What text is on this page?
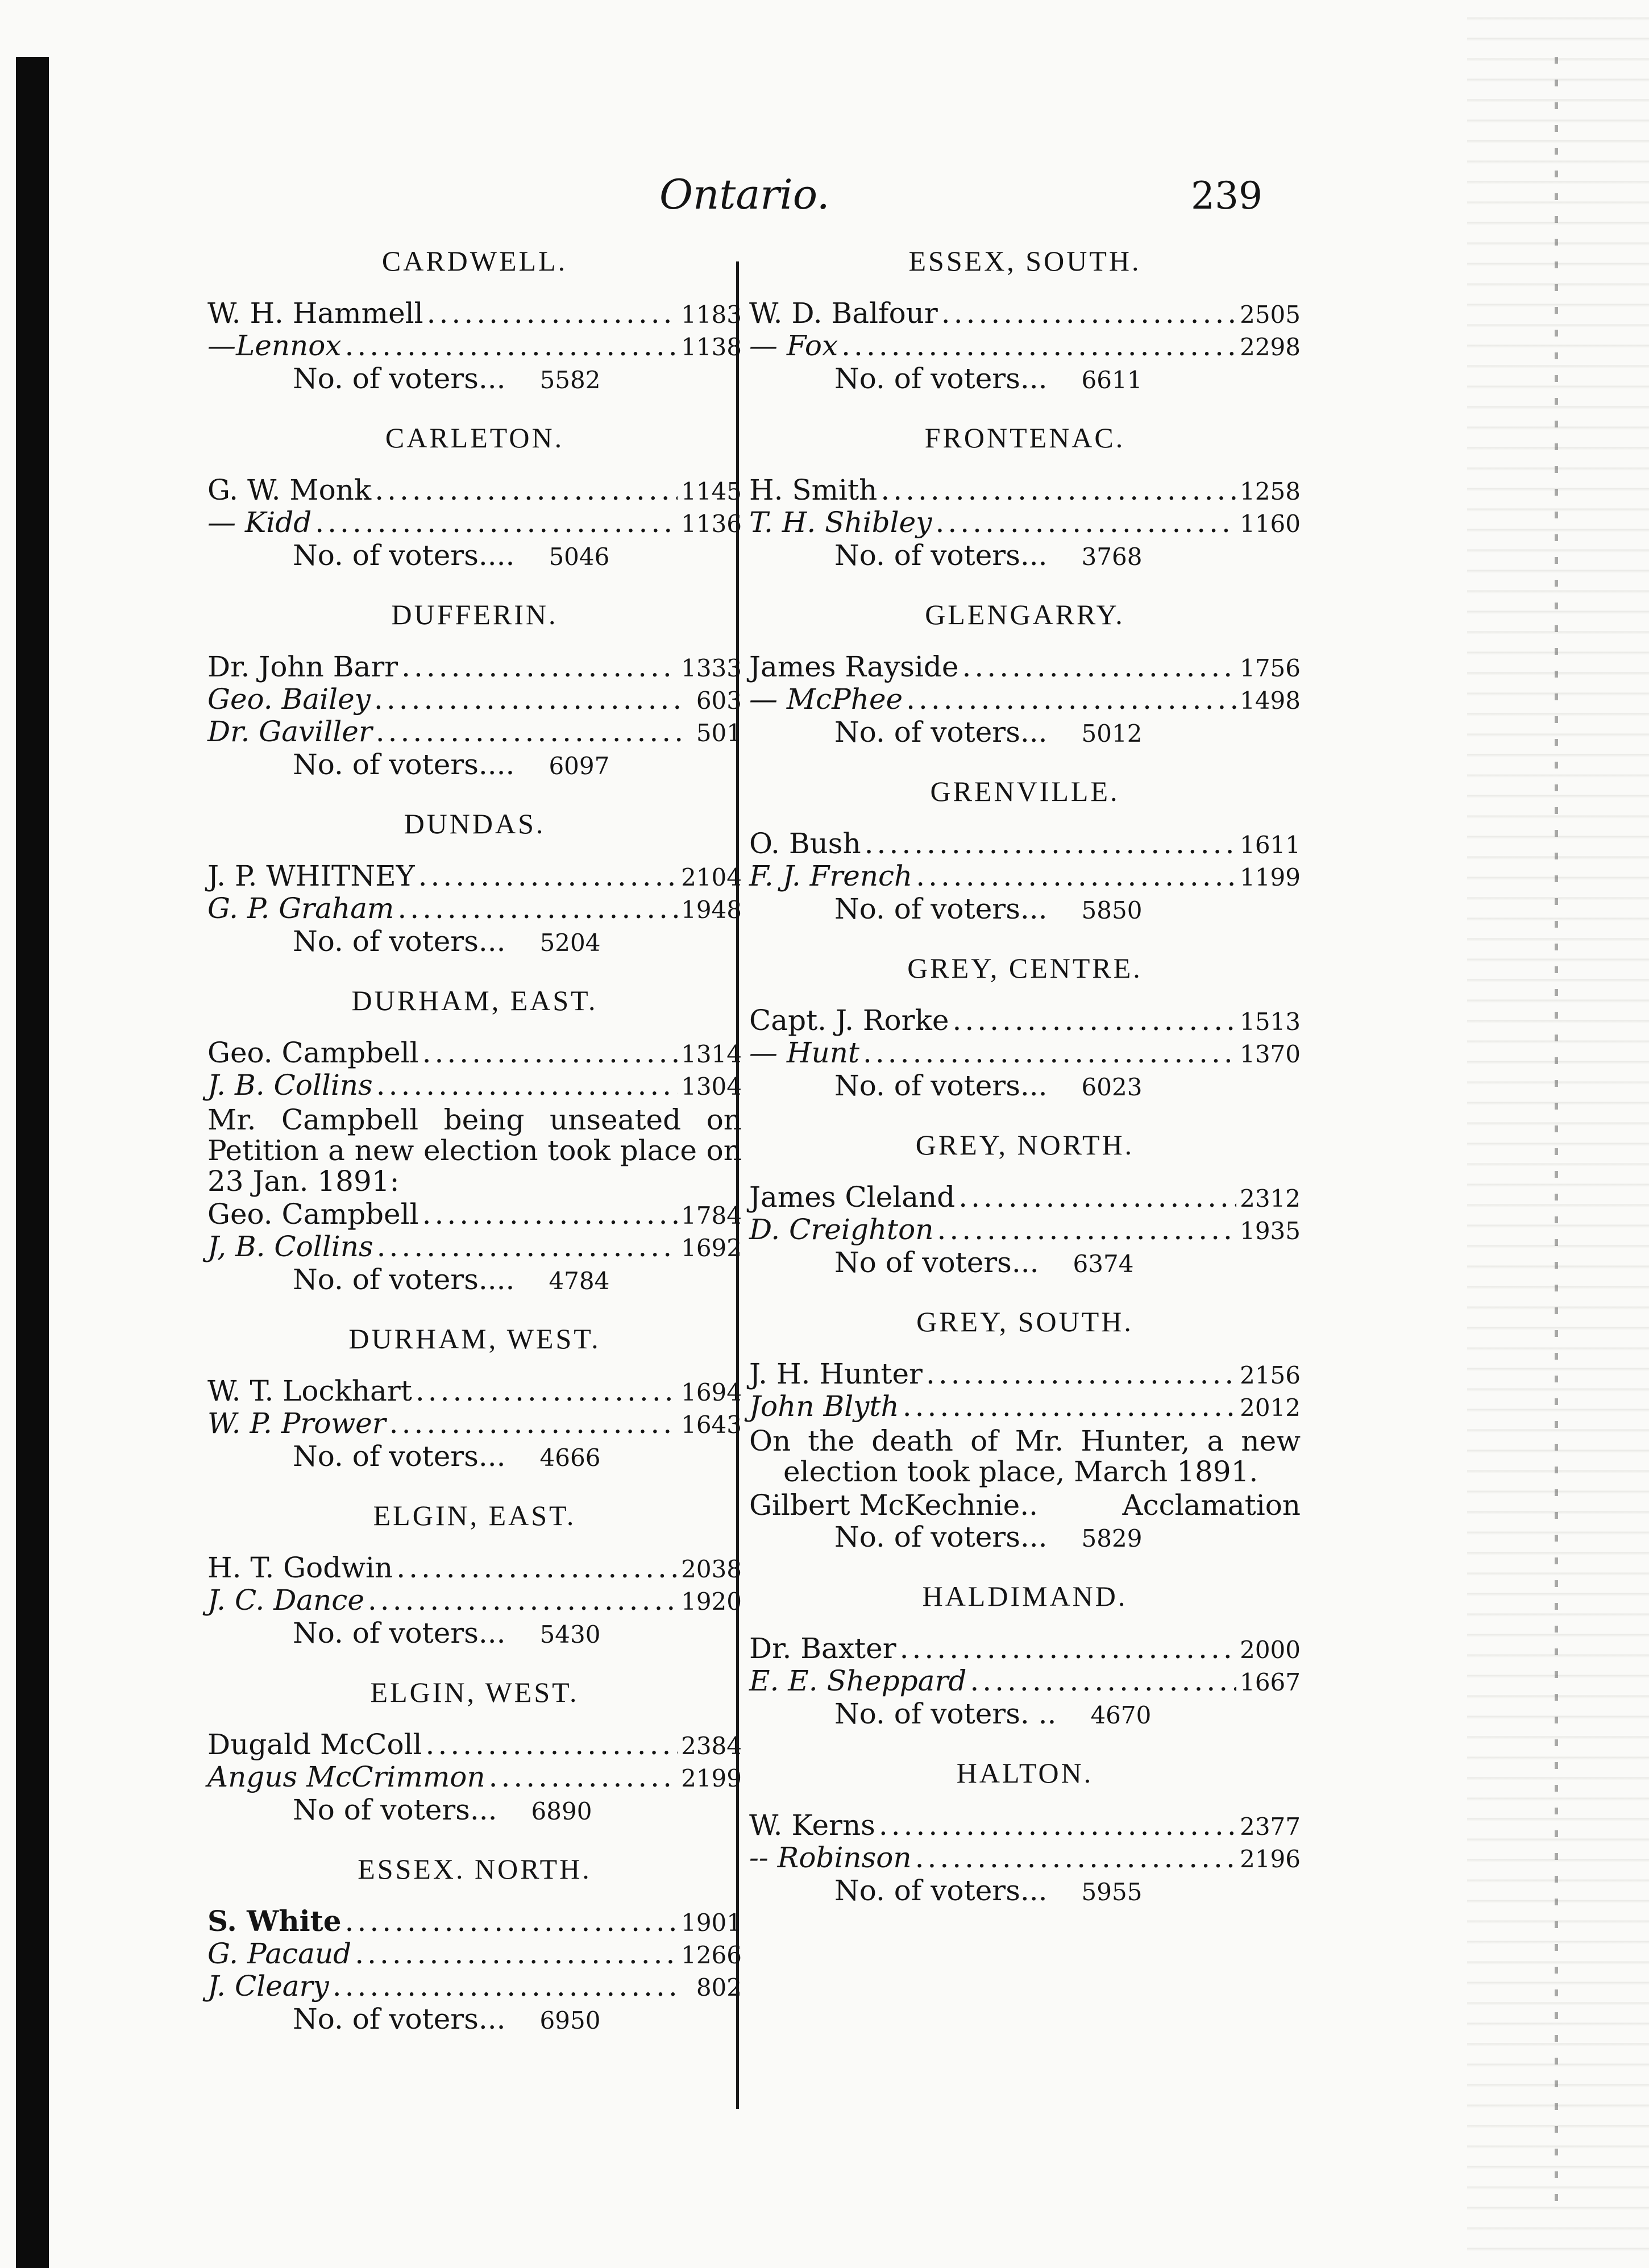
Ontario.	239
CARDWELL.
W. H. Hammell .....	1183
—Lennox .....	1138
No. of voters... 5582
CARLETON.
G. W. Monk .....	1145
— Kidd .....	1136
No. of voters.... 5046
DUFFERIN.
Dr. John Barr .....	1333
Geo. Bailey .....	603
Dr. Gaviller .....	501
No. of voters.... 6097
DUNDAS.
J. P. WHITNEY .....	2104
G. P. Graham .....	1948
No. of voters... 5204
DURHAM, EAST.
Geo. Campbell .....	1314
J. B. Collins .....	1304
Mr. Campbell being unseated on Petition a new election took place on 23 Jan. 1891:
Geo. Campbell .....	1784
J, B. Collins .....	1692
No. of voters.... 4784
DURHAM, WEST.
W. T. Lockhart .....	1694
W. P. Prower .....	1643
No. of voters... 4666
ELGIN, EAST.
H. T. Godwin .....	2038
J. C. Dance .....	1920
No. of voters... 5430
ELGIN, WEST.
Dugald McColl .....	2384
Angus McCrimmon .....	2199
No of voters... 6890
ESSEX. NORTH.
S. White .....	1901
G. Pacaud .....	1266
J. Cleary .....	802
No. of voters... 6950
ESSEX, SOUTH.
W. D. Balfour .....	2505
— Fox .....	2298
No. of voters... 6611
FRONTENAC.
H. Smith .....	1258
T. H. Shibley .....	1160
No. of voters... 3768
GLENGARRY.
James Rayside .....	1756
— McPhee .....	1498
No. of voters... 5012
GRENVILLE.
O. Bush .....	1611
F. J. French .....	1199
No. of voters... 5850
GREY, CENTRE.
Capt. J. Rorke .....	1513
— Hunt .....	1370
No. of voters... 6023
GREY, NORTH.
James Cleland .....	2312
D. Creighton .....	1935
No of voters... 6374
GREY, SOUTH.
J. H. Hunter .....	2156
John Blyth .....	2012
On the death of Mr. Hunter, a new election took place, March 1891.
Gilbert McKechnie..	Acclamation
No. of voters... 5829
HALDIMAND.
Dr. Baxter .....	2000
E. E. Sheppard .....	1667
No. of voters. .. 4670
HALTON.
W. Kerns .....	2377
-- Robinson .....	2196
No. of voters... 5955
